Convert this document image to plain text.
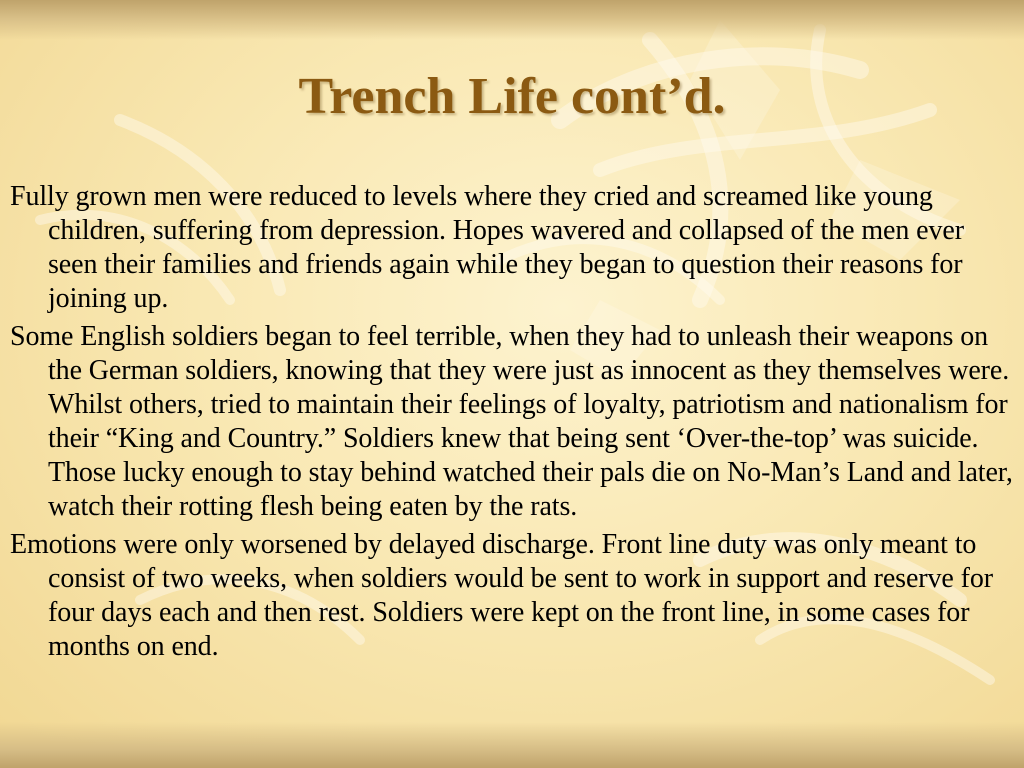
Trench Life cont’d.

Fully grown men were reduced to levels where they cried and screamed like young children, suffering from depression. Hopes wavered and collapsed of the men ever seen their families and friends again while they began to question their reasons for joining up.

Some English soldiers began to feel terrible, when they had to unleash their weapons on the German soldiers, knowing that they were just as innocent as they themselves were. Whilst others, tried to maintain their feelings of loyalty, patriotism and nationalism for their “King and Country.” Soldiers knew that being sent ‘Over-the-top’ was suicide. Those lucky enough to stay behind watched their pals die on No-Man’s Land and later, watch their rotting flesh being eaten by the rats.

Emotions were only worsened by delayed discharge. Front line duty was only meant to consist of two weeks, when soldiers would be sent to work in support and reserve for four days each and then rest. Soldiers were kept on the front line, in some cases for months on end.
